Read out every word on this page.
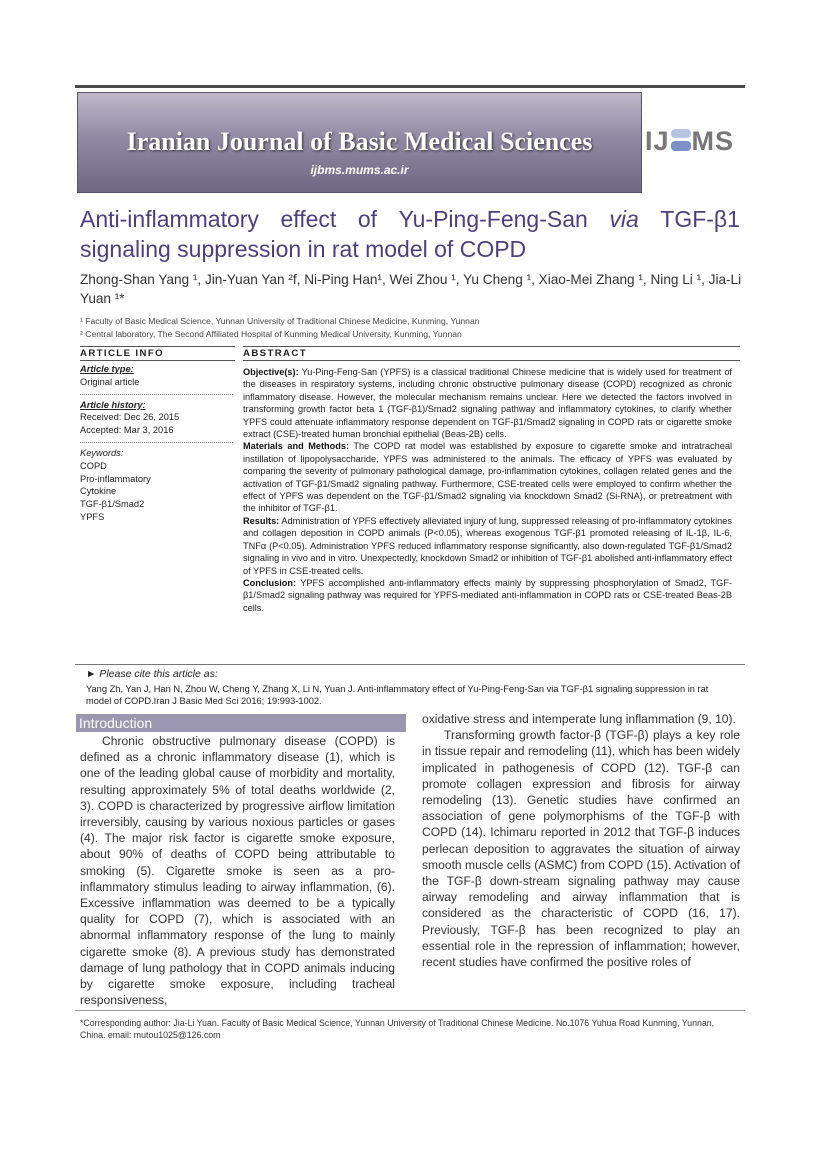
Iranian Journal of Basic Medical Sciences
ijbms.mums.ac.ir
IJ MS
Anti-inflammatory effect of Yu-Ping-Feng-San via TGF-β1
signaling suppression in rat model of COPD
Zhong-Shan Yang ¹, Jin-Yuan Yan ²f, Ni-Ping Han¹, Wei Zhou ¹, Yu Cheng ¹, Xiao-Mei Zhang ¹, Ning Li ¹, Jia-Li Yuan ¹*
¹ Faculty of Basic Medical Science, Yunnan University of Traditional Chinese Medicine, Kunming, Yunnan
² Central laboratory, The Second Affiliated Hospital of Kunming Medical University, Kunming, Yunnan
ARTICLE INFO	ABSTRACT
Article type:
Original article
Article history:
Received: Dec 26, 2015
Accepted: Mar 3, 2016
Keywords:
COPD
Pro-inflammatory
Cytokine
TGF-β1/Smad2
YPFS

Objective(s): Yu-Ping-Feng-San (YPFS) is a classical traditional Chinese medicine that is widely used for treatment of the diseases in respiratory systems, including chronic obstructive pulmonary disease (COPD) recognized as chronic inflammatory disease. However, the molecular mechanism remains unclear. Here we detected the factors involved in transforming growth factor beta 1 (TGF-β1)/Smad2 signaling pathway and inflammatory cytokines, to clarify whether YPFS could attenuate inflammatory response dependent on TGF-β1/Smad2 signaling in COPD rats or cigarette smoke extract (CSE)-treated human bronchial epithelial (Beas-2B) cells.

Materials and Methods: The COPD rat model was established by exposure to cigarette smoke and intratracheal instillation of lipopolysaccharide, YPFS was administered to the animals. The efficacy of YPFS was evaluated by comparing the severity of pulmonary pathological damage, pro-inflammation cytokines, collagen related genes and the activation of TGF-β1/Smad2 signaling pathway. Furthermore, CSE-treated cells were employed to confirm whether the effect of YPFS was dependent on the TGF-β1/Smad2 signaling via knockdown Smad2 (Si-RNA), or pretreatment with the inhibitor of TGF-β1.

Results: Administration of YPFS effectively alleviated injury of lung, suppressed releasing of pro-inflammatory cytokines and collagen deposition in COPD animals (P<0.05), whereas exogenous TGF-β1 promoted releasing of IL-1β, IL-6, TNFα (P<0.05). Administration YPFS reduced inflammatory response significantly, also down-regulated TGF-β1/Smad2 signaling in vivo and in vitro. Unexpectedly, knockdown Smad2 or inhibition of TGF-β1 abolished anti-inflammatory effect of YPFS in CSE-treated cells.

Conclusion: YPFS accomplished anti-inflammatory effects mainly by suppressing phosphorylation of Smad2, TGF-β1/Smad2 signaling pathway was required for YPFS-mediated anti-inflammation in COPD rats or CSE-treated Beas-2B cells.

► Please cite this article as:
Yang Zh, Yan J, Han N, Zhou W, Cheng Y, Zhang X, Li N, Yuan J. Anti-inflammatory effect of Yu-Ping-Feng-San via TGF-β1 signaling suppression in rat model of COPD.Iran J Basic Med Sci 2016; 19:993-1002.
Introduction

Chronic obstructive pulmonary disease (COPD) is defined as a chronic inflammatory disease (1), which is one of the leading global cause of morbidity and mortality, resulting approximately 5% of total deaths worldwide (2, 3). COPD is characterized by progressive airflow limitation irreversibly, causing by various noxious particles or gases (4). The major risk factor is cigarette smoke exposure, about 90% of deaths of COPD being attributable to smoking (5). Cigarette smoke is seen as a pro-inflammatory stimulus leading to airway inflammation, (6). Excessive inflammation was deemed to be a typically quality for COPD (7), which is associated with an abnormal inflammatory response of the lung to mainly cigarette smoke (8). A previous study has demonstrated damage of lung pathology that in COPD animals inducing by cigarette smoke exposure, including tracheal responsiveness,

oxidative stress and intemperate lung inflammation (9, 10).

Transforming growth factor-β (TGF-β) plays a key role in tissue repair and remodeling (11), which has been widely implicated in pathogenesis of COPD (12). TGF-β can promote collagen expression and fibrosis for airway remodeling (13). Genetic studies have confirmed an association of gene polymorphisms of the TGF-β with COPD (14). Ichimaru reported in 2012 that TGF-β induces perlecan deposition to aggravates the situation of airway smooth muscle cells (ASMC) from COPD (15). Activation of the TGF-β down-stream signaling pathway may cause airway remodeling and airway inflammation that is considered as the characteristic of COPD (16, 17). Previously, TGF-β has been recognized to play an essential role in the repression of inflammation; however, recent studies have confirmed the positive roles of

*Corresponding author: Jia-Li Yuan. Faculty of Basic Medical Science, Yunnan University of Traditional Chinese Medicine. No.1076 Yuhua Road Kunming, Yunnan, China. email: mutou1025@126.com
